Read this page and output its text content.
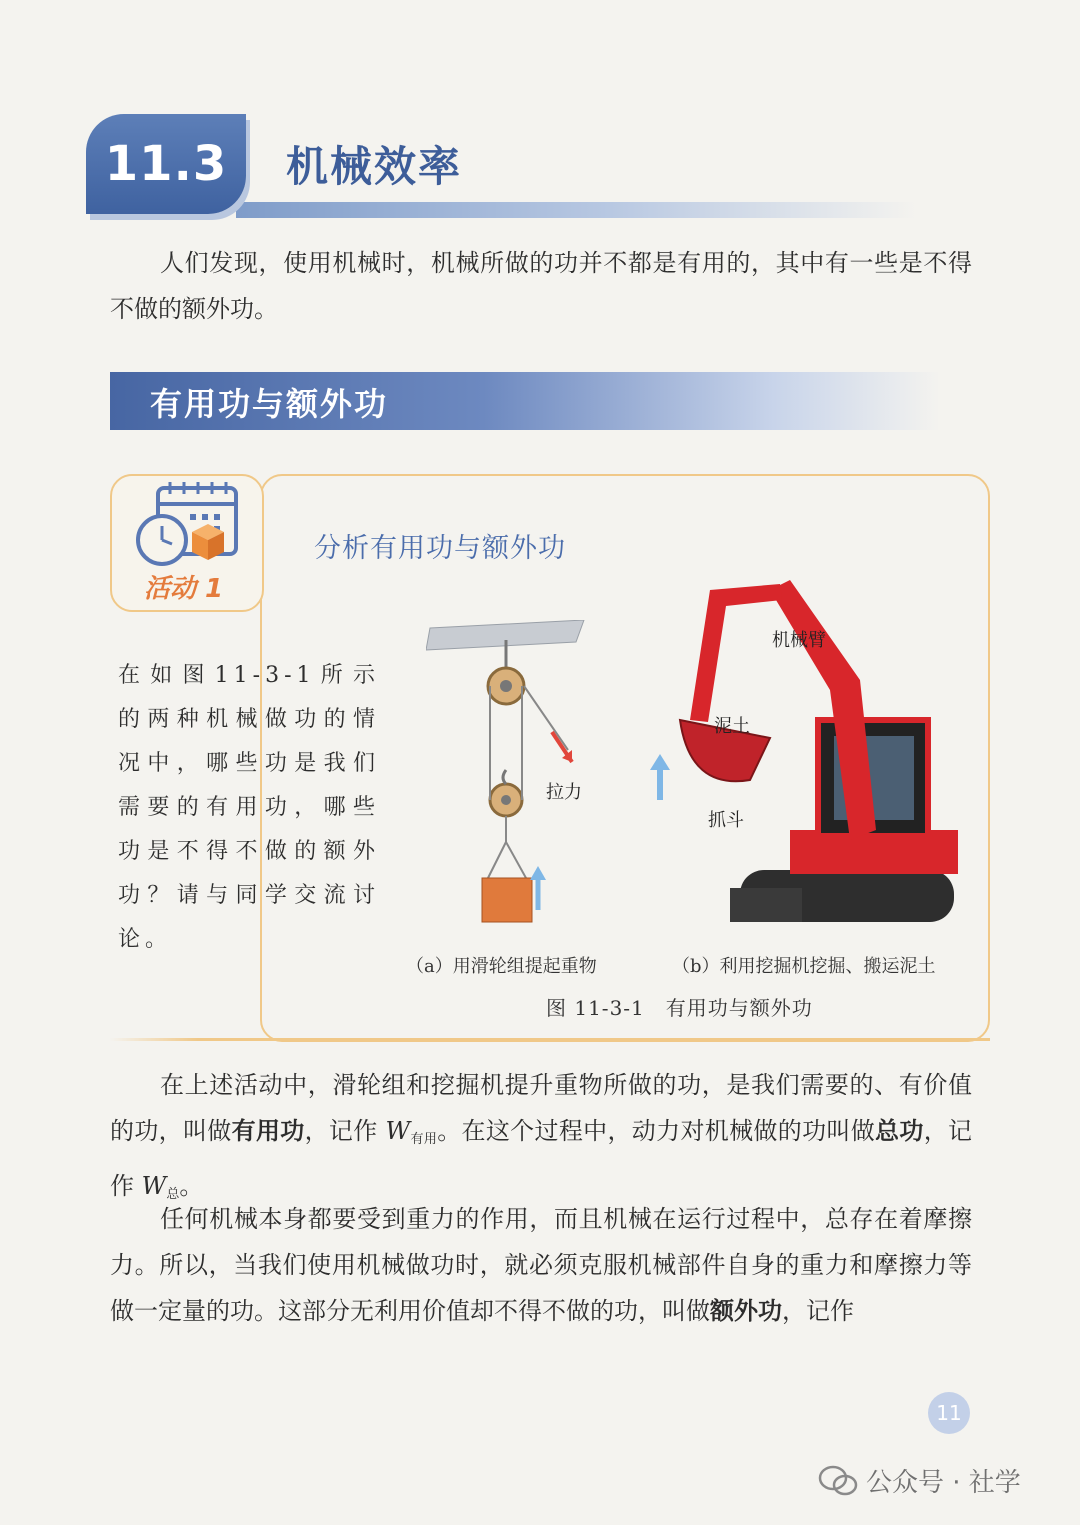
11.3	机械效率
人们发现，使用机械时，机械所做的功并不都是有用的，其中有一些是不得不做的额外功。
有用功与额外功
活动 1
分析有用功与额外功
在如图11-3-1所示的两种机械做功的情况中，哪些功是我们需要的有用功，哪些功是不得不做的额外功？请与同学交流讨论。
拉力
机械臂
泥土
抓斗
（a）用滑轮组提起重物	（b）利用挖掘机挖掘、搬运泥土
图 11-3-1　有用功与额外功
在上述活动中，滑轮组和挖掘机提升重物所做的功，是我们需要的、有价值的功，叫做有用功，记作 $W_{有用}$。在这个过程中，动力对机械做的功叫做总功，记作 $W_总$。
任何机械本身都要受到重力的作用，而且机械在运行过程中，总存在着摩擦力。所以，当我们使用机械做功时，就必须克服机械部件自身的重力和摩擦力等做一定量的功。这部分无利用价值却不得不做的功，叫做额外功，记作
11
公众号 · 社学
